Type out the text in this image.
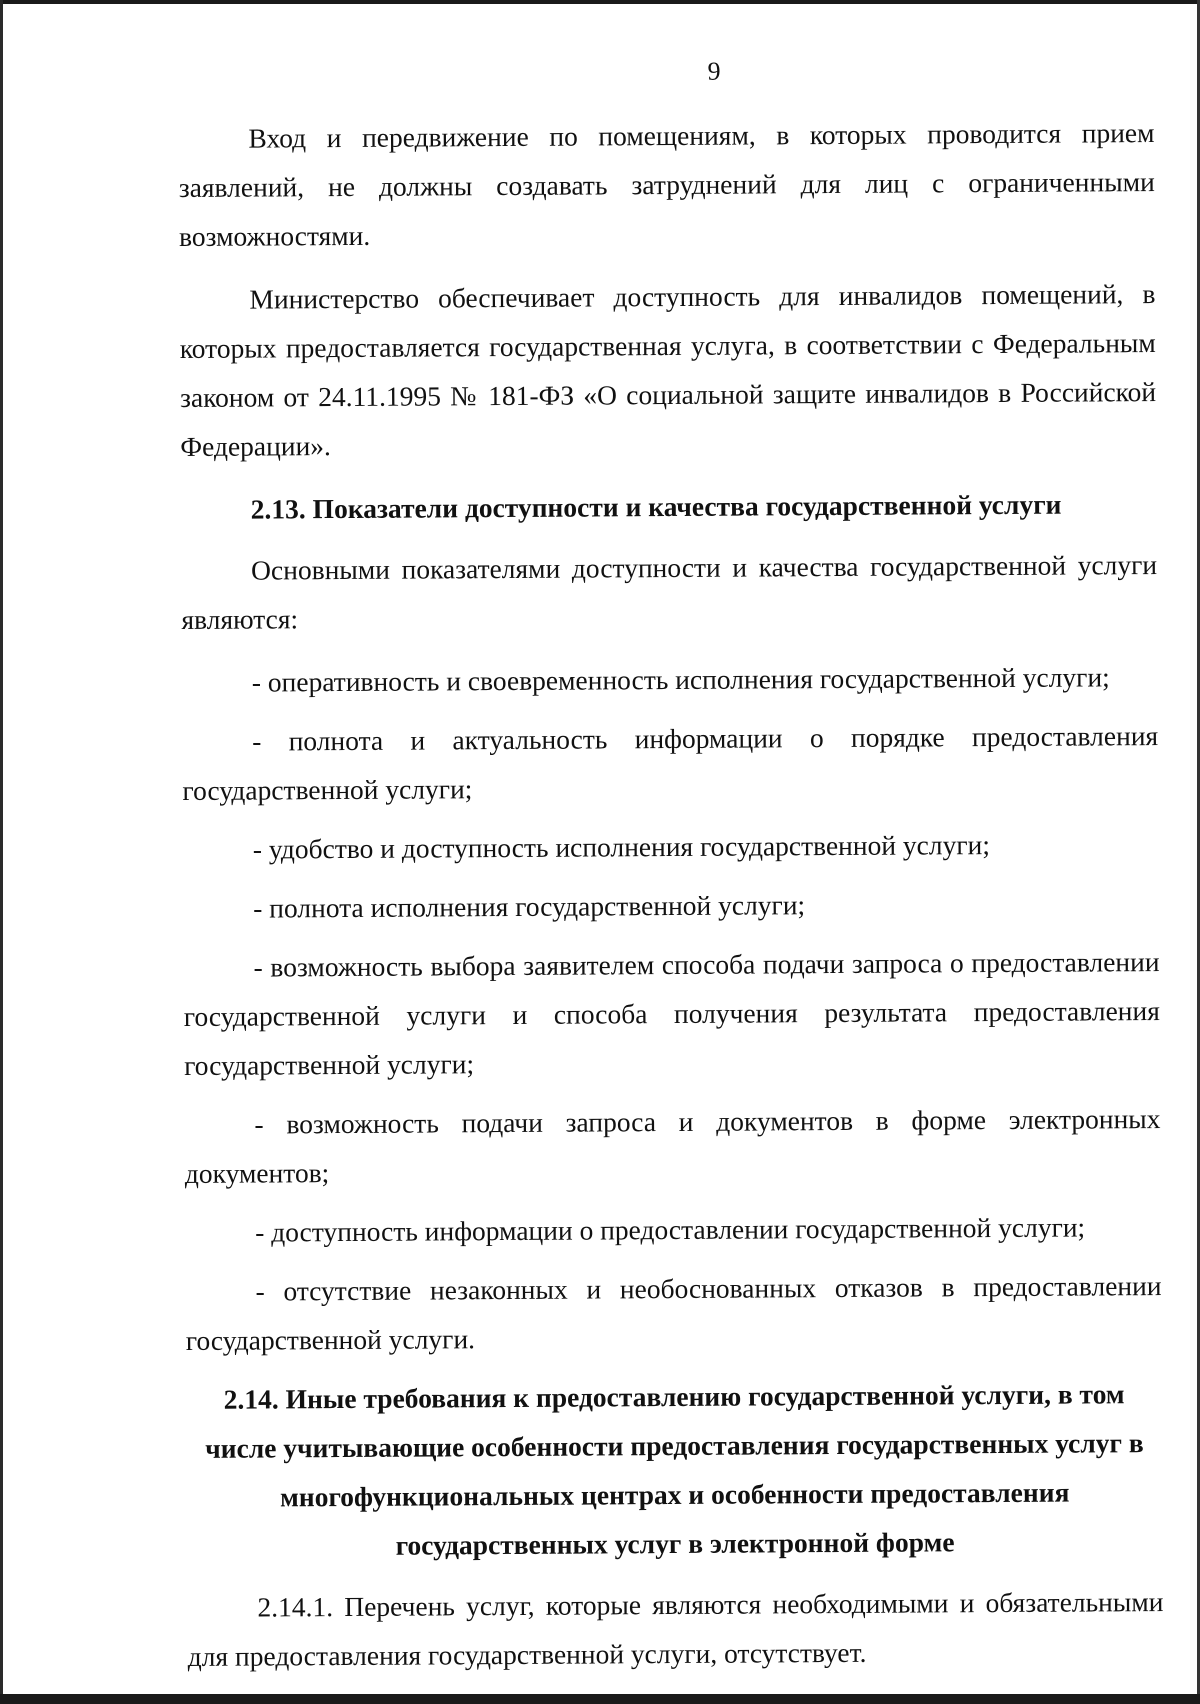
9

Вход и передвижение по помещениям, в которых проводится прием заявлений, не должны создавать затруднений для лиц с ограниченными возможностями.

Министерство обеспечивает доступность для инвалидов помещений, в которых предоставляется государственная услуга, в соответствии с Федеральным законом от 24.11.1995 № 181-ФЗ «О социальной защите инвалидов в Российской Федерации».

2.13. Показатели доступности и качества государственной услуги

Основными показателями доступности и качества государственной услуги являются:

- оперативность и своевременность исполнения государственной услуги;

- полнота и актуальность информации о порядке предоставления государственной услуги;

- удобство и доступность исполнения государственной услуги;

- полнота исполнения государственной услуги;

- возможность выбора заявителем способа подачи запроса о предоставлении государственной услуги и способа получения результата предоставления государственной услуги;

- возможность подачи запроса и документов в форме электронных документов;

- доступность информации о предоставлении государственной услуги;

- отсутствие незаконных и необоснованных отказов в предоставлении государственной услуги.

2.14. Иные требования к предоставлению государственной услуги, в том числе учитывающие особенности предоставления государственных услуг в многофункциональных центрах и особенности предоставления государственных услуг в электронной форме

2.14.1. Перечень услуг, которые являются необходимыми и обязательными для предоставления государственной услуги, отсутствует.
